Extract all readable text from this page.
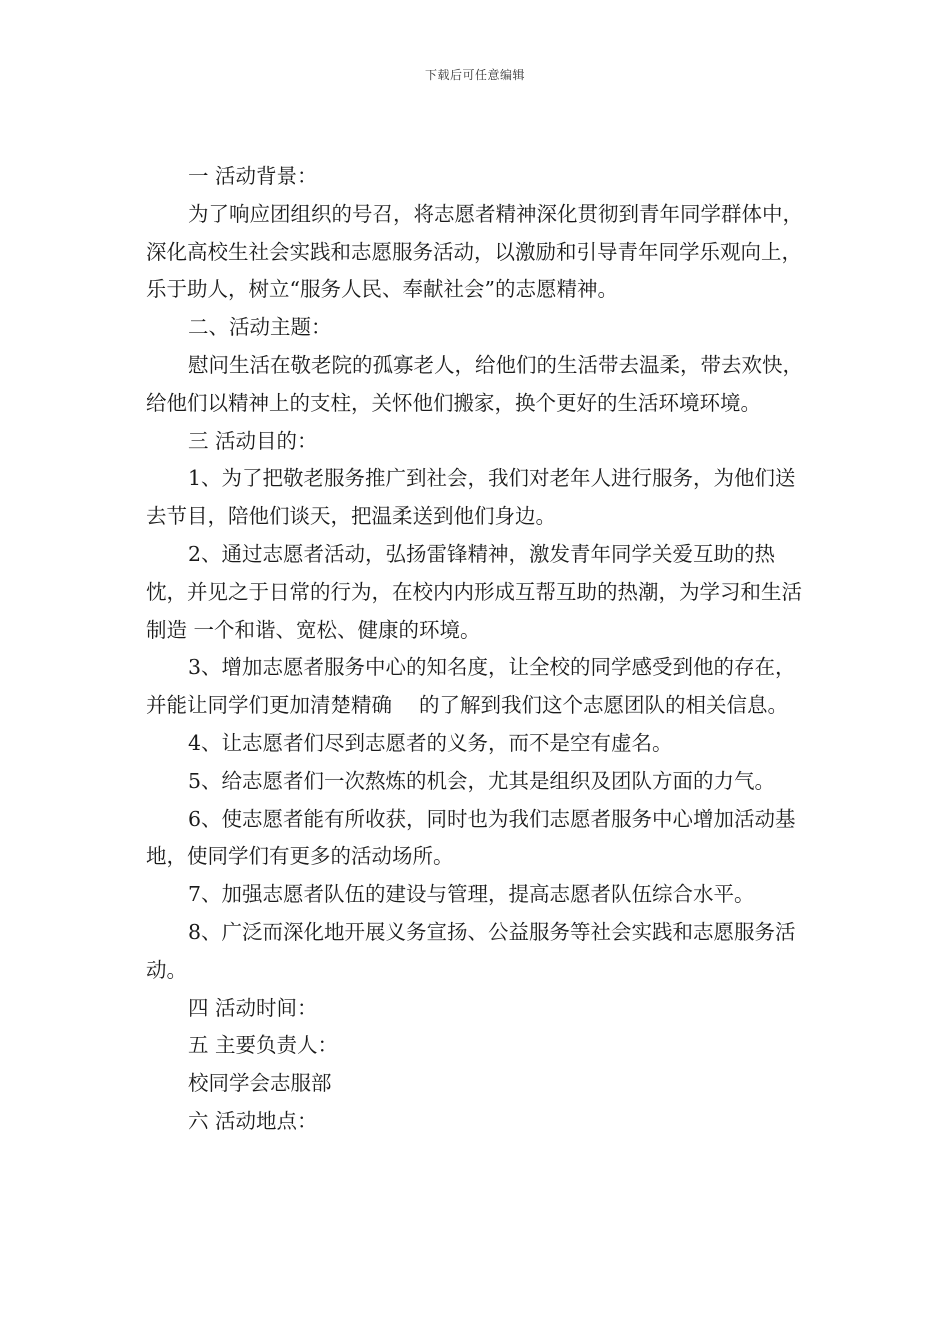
下载后可任意编辑

一 活动背景：

为了响应团组织的号召，将志愿者精神深化贯彻到青年同学群体中，深化高校生社会实践和志愿服务活动，以激励和引导青年同学乐观向上，乐于助人，树立“服务人民、奉献社会”的志愿精神。

二、活动主题：

慰问生活在敬老院的孤寡老人，给他们的生活带去温柔，带去欢快，给他们以精神上的支柱，关怀他们搬家，换个更好的生活环境环境。

三 活动目的：

1、为了把敬老服务推广到社会，我们对老年人进行服务，为他们送去节目，陪他们谈天，把温柔送到他们身边。

2、通过志愿者活动，弘扬雷锋精神，激发青年同学关爱互助的热忱，并见之于日常的行为，在校内内形成互帮互助的热潮，为学习和生活制造 一个和谐、宽松、健康的环境。

3、增加志愿者服务中心的知名度，让全校的同学感受到他的存在，并能让同学们更加清楚精确　 的了解到我们这个志愿团队的相关信息。

4、让志愿者们尽到志愿者的义务，而不是空有虚名。

5、给志愿者们一次熬炼的机会，尤其是组织及团队方面的力气。

6、使志愿者能有所收获，同时也为我们志愿者服务中心增加活动基地，使同学们有更多的活动场所。

7、加强志愿者队伍的建设与管理，提高志愿者队伍综合水平。

8、广泛而深化地开展义务宣扬、公益服务等社会实践和志愿服务活动。

四 活动时间：

五 主要负责人：

校同学会志服部

六 活动地点：
